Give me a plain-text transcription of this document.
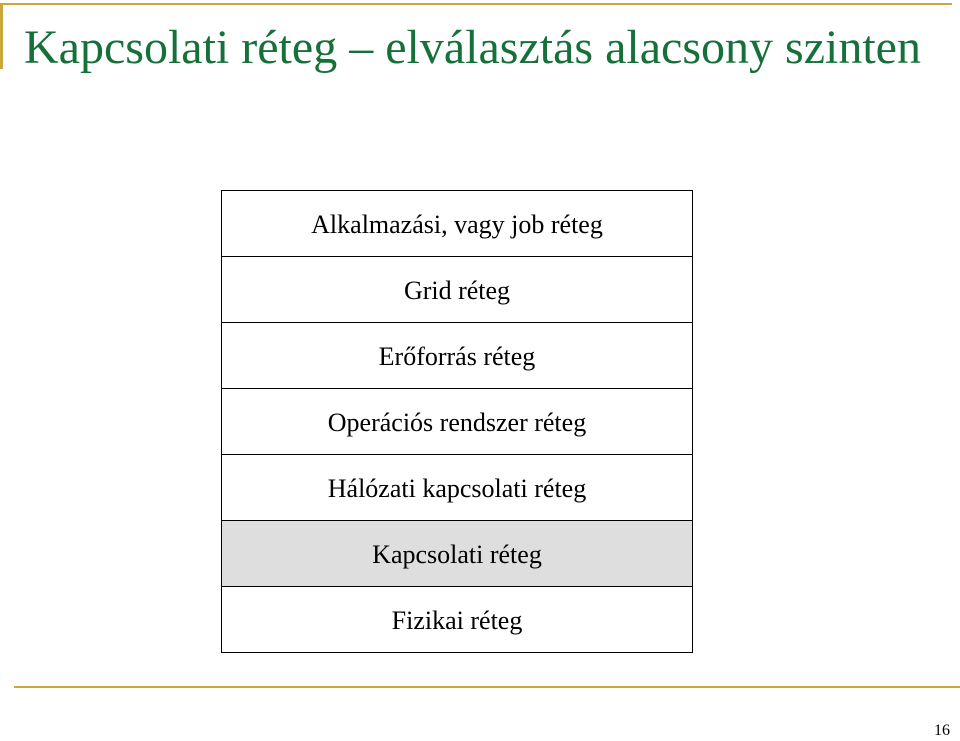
Kapcsolati réteg – elválasztás alacsony szinten
Alkalmazási, vagy job réteg
Grid réteg
Erőforrás réteg
Operációs rendszer réteg
Hálózati kapcsolati réteg
Kapcsolati réteg
Fizikai réteg
16
